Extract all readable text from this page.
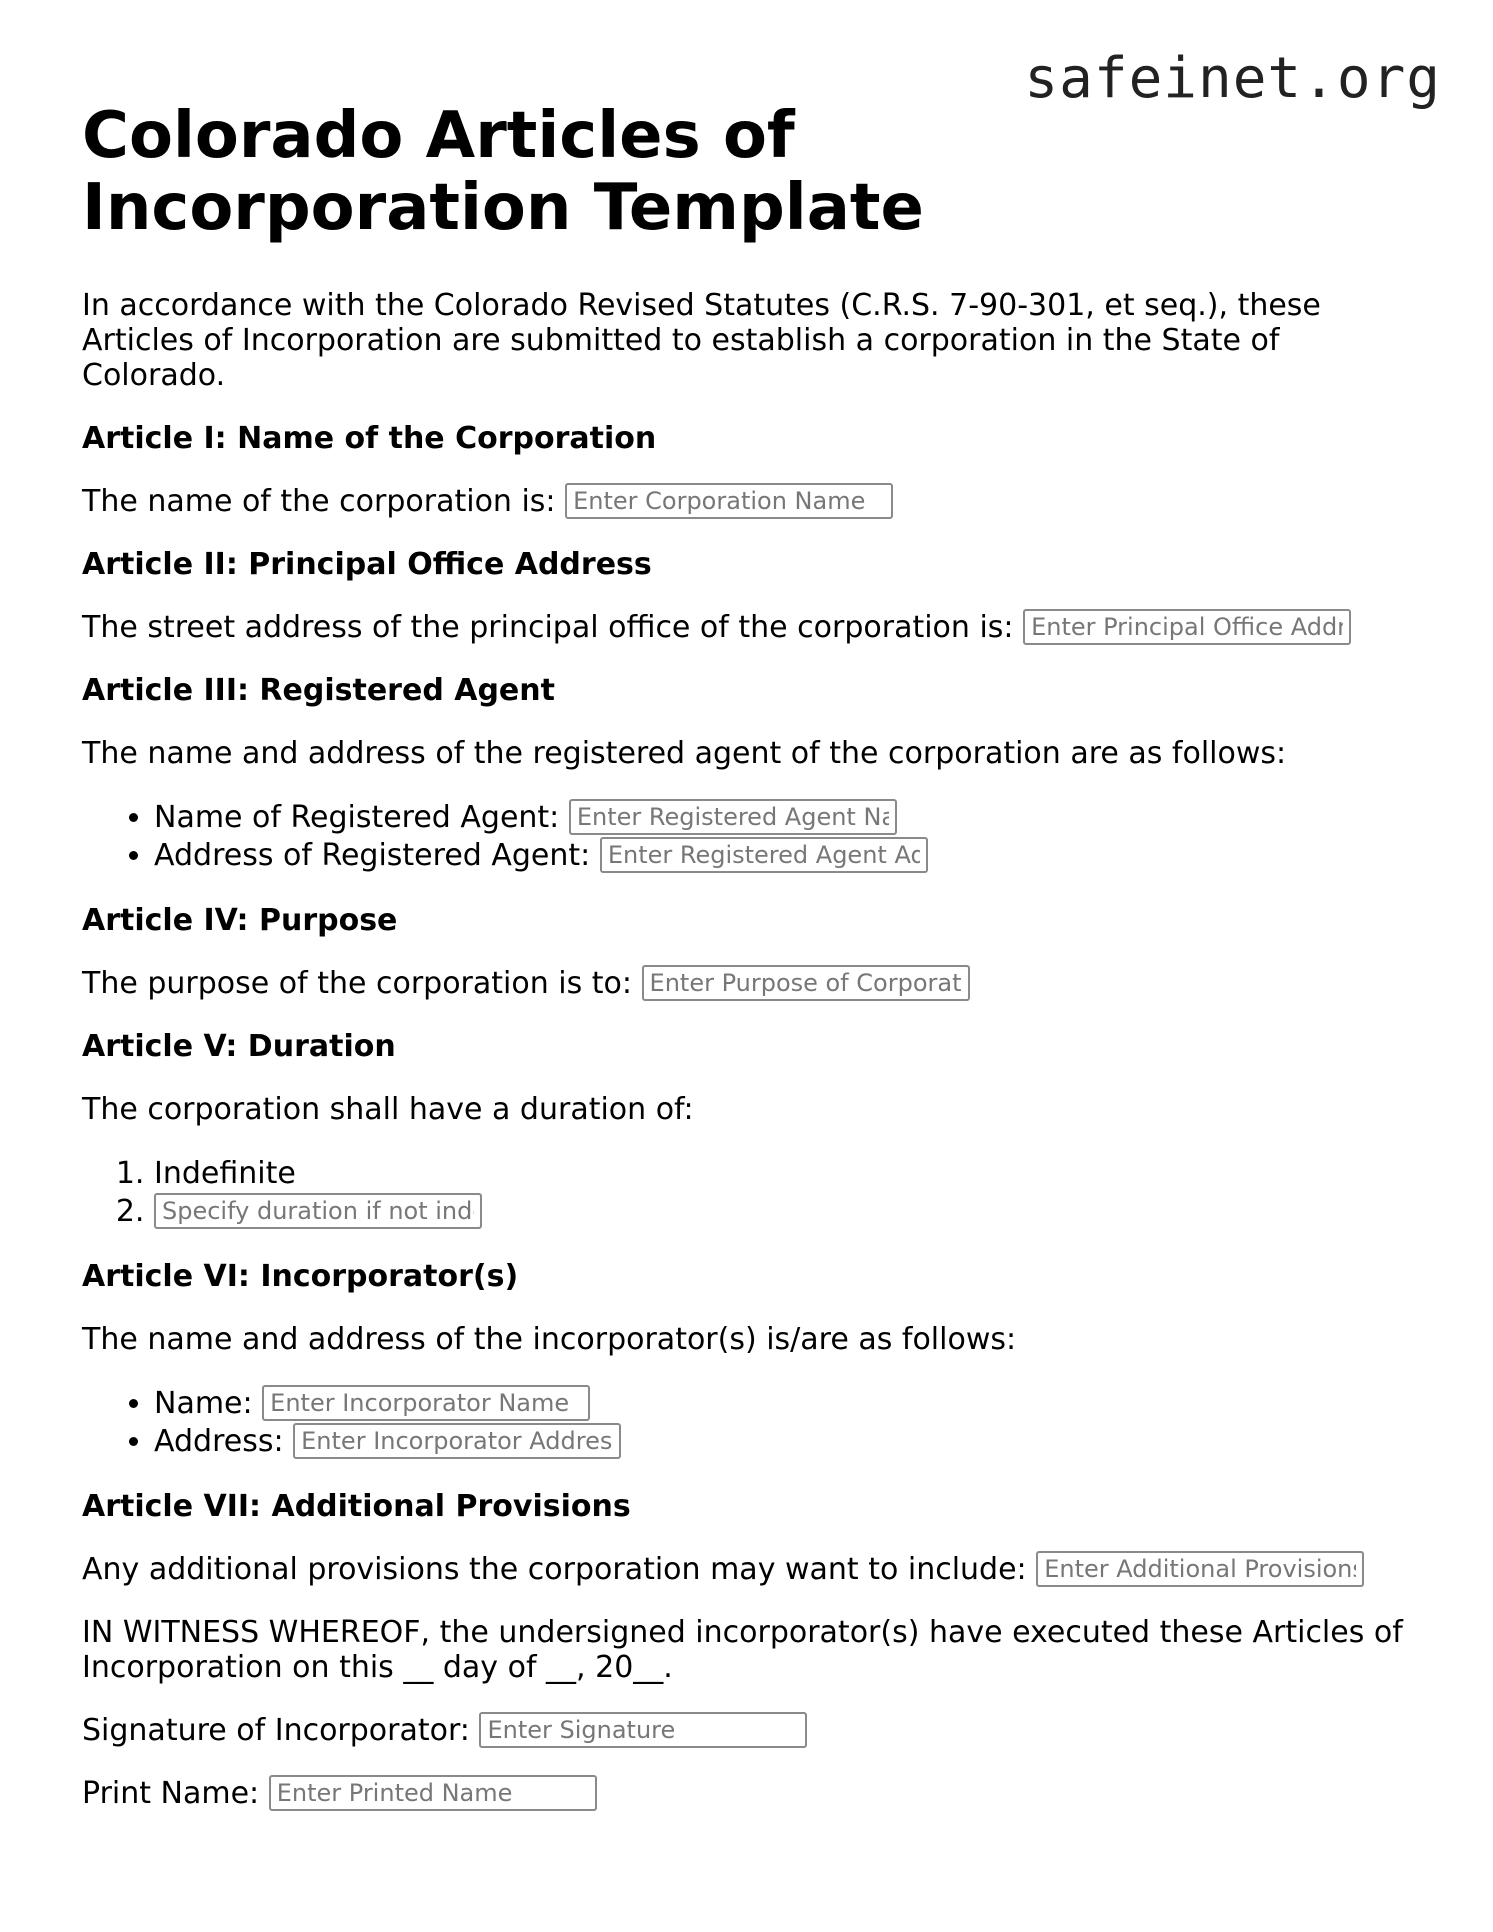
safeinet.org
Colorado Articles of Incorporation Template

In accordance with the Colorado Revised Statutes (C.R.S. 7-90-301, et seq.), these Articles of Incorporation are submitted to establish a corporation in the State of Colorado.

Article I: Name of the Corporation

The name of the corporation is: Enter Corporation Name

Article II: Principal Office Address

The street address of the principal office of the corporation is: Enter Principal Office Address

Article III: Registered Agent

The name and address of the registered agent of the corporation are as follows:

• Name of Registered Agent: Enter Registered Agent Name
• Address of Registered Agent: Enter Registered Agent Address
Article IV: Purpose

The purpose of the corporation is to: Enter Purpose of Corporation

Article V: Duration

The corporation shall have a duration of:

1. Indefinite
2. Specify duration if not indefinite
Article VI: Incorporator(s)

The name and address of the incorporator(s) is/are as follows:

• Name: Enter Incorporator Name
• Address: Enter Incorporator Address
Article VII: Additional Provisions

Any additional provisions the corporation may want to include: Enter Additional Provisions

IN WITNESS WHEREOF, the undersigned incorporator(s) have executed these Articles of Incorporation on this __ day of __, 20__.

Signature of Incorporator: Enter Signature

Print Name: Enter Printed Name
